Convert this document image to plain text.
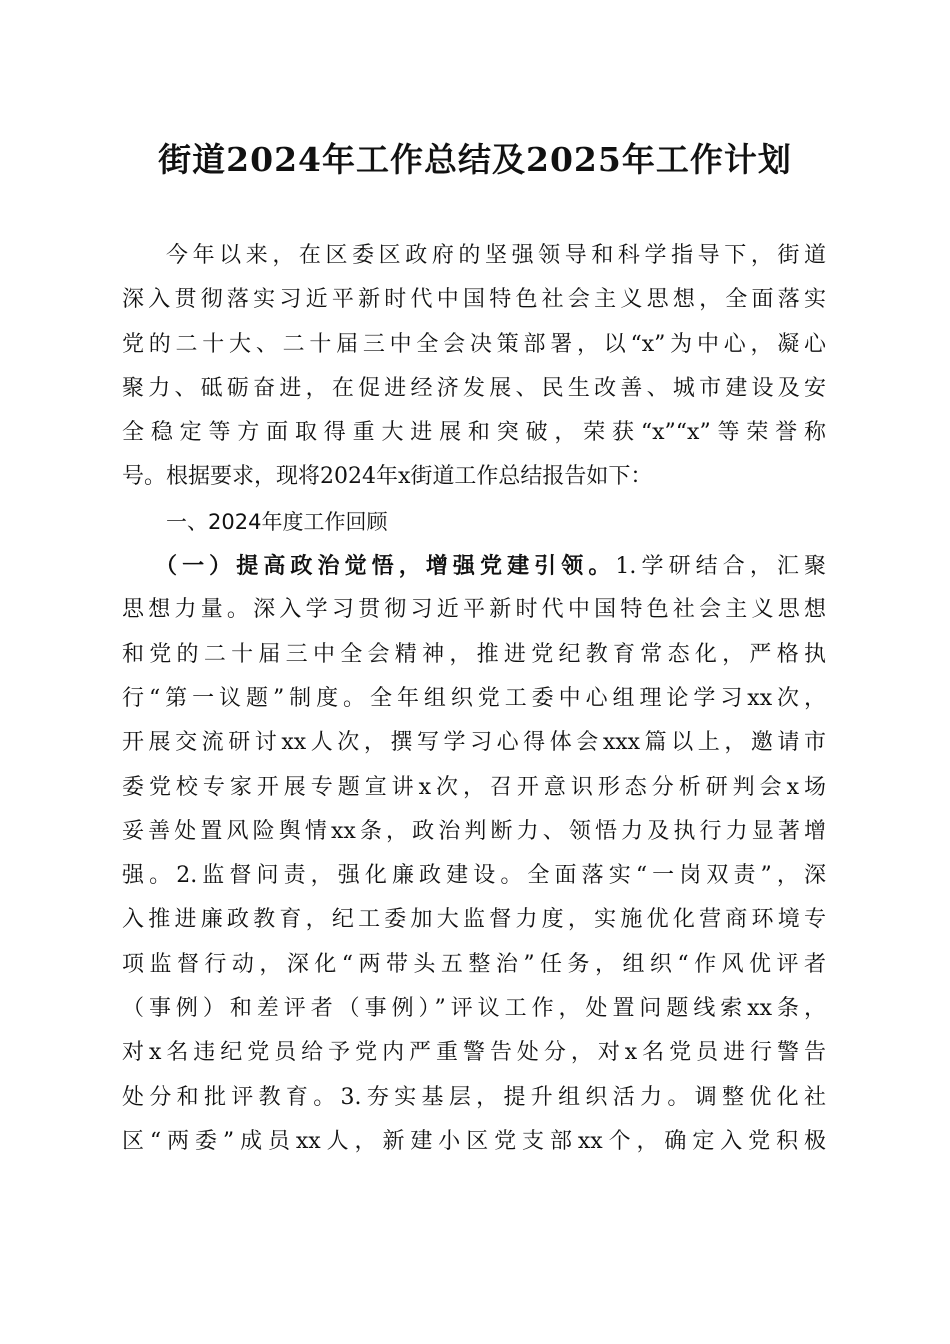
街道2024年工作总结及2025年工作计划
今年以来，在区委区政府的坚强领导和科学指导下，街道
深入贯彻落实习近平新时代中国特色社会主义思想，全面落实
党的二十大、二十届三中全会决策部署，以“x”为中心，凝心
聚力、砥砺奋进，在促进经济发展、民生改善、城市建设及安
全稳定等方面取得重大进展和突破，荣获“x”“x”等荣誉称
号。根据要求，现将2024年x街道工作总结报告如下：
一、2024年度工作回顾
（一）提高政治觉悟，增强党建引领。1.学研结合，汇聚
思想力量。深入学习贯彻习近平新时代中国特色社会主义思想
和党的二十届三中全会精神，推进党纪教育常态化，严格执
行“第一议题”制度。全年组织党工委中心组理论学习xx次，
开展交流研讨xx人次，撰写学习心得体会xxx篇以上，邀请市
委党校专家开展专题宣讲x次，召开意识形态分析研判会x场
妥善处置风险舆情xx条，政治判断力、领悟力及执行力显著增
强。2.监督问责，强化廉政建设。全面落实“一岗双责”，深
入推进廉政教育，纪工委加大监督力度，实施优化营商环境专
项监督行动，深化“两带头五整治”任务，组织“作风优评者
（事例）和差评者（事例）”评议工作，处置问题线索xx条，
对x名违纪党员给予党内严重警告处分，对x名党员进行警告
处分和批评教育。3.夯实基层，提升组织活力。调整优化社
区“两委”成员xx人，新建小区党支部xx个，确定入党积极
